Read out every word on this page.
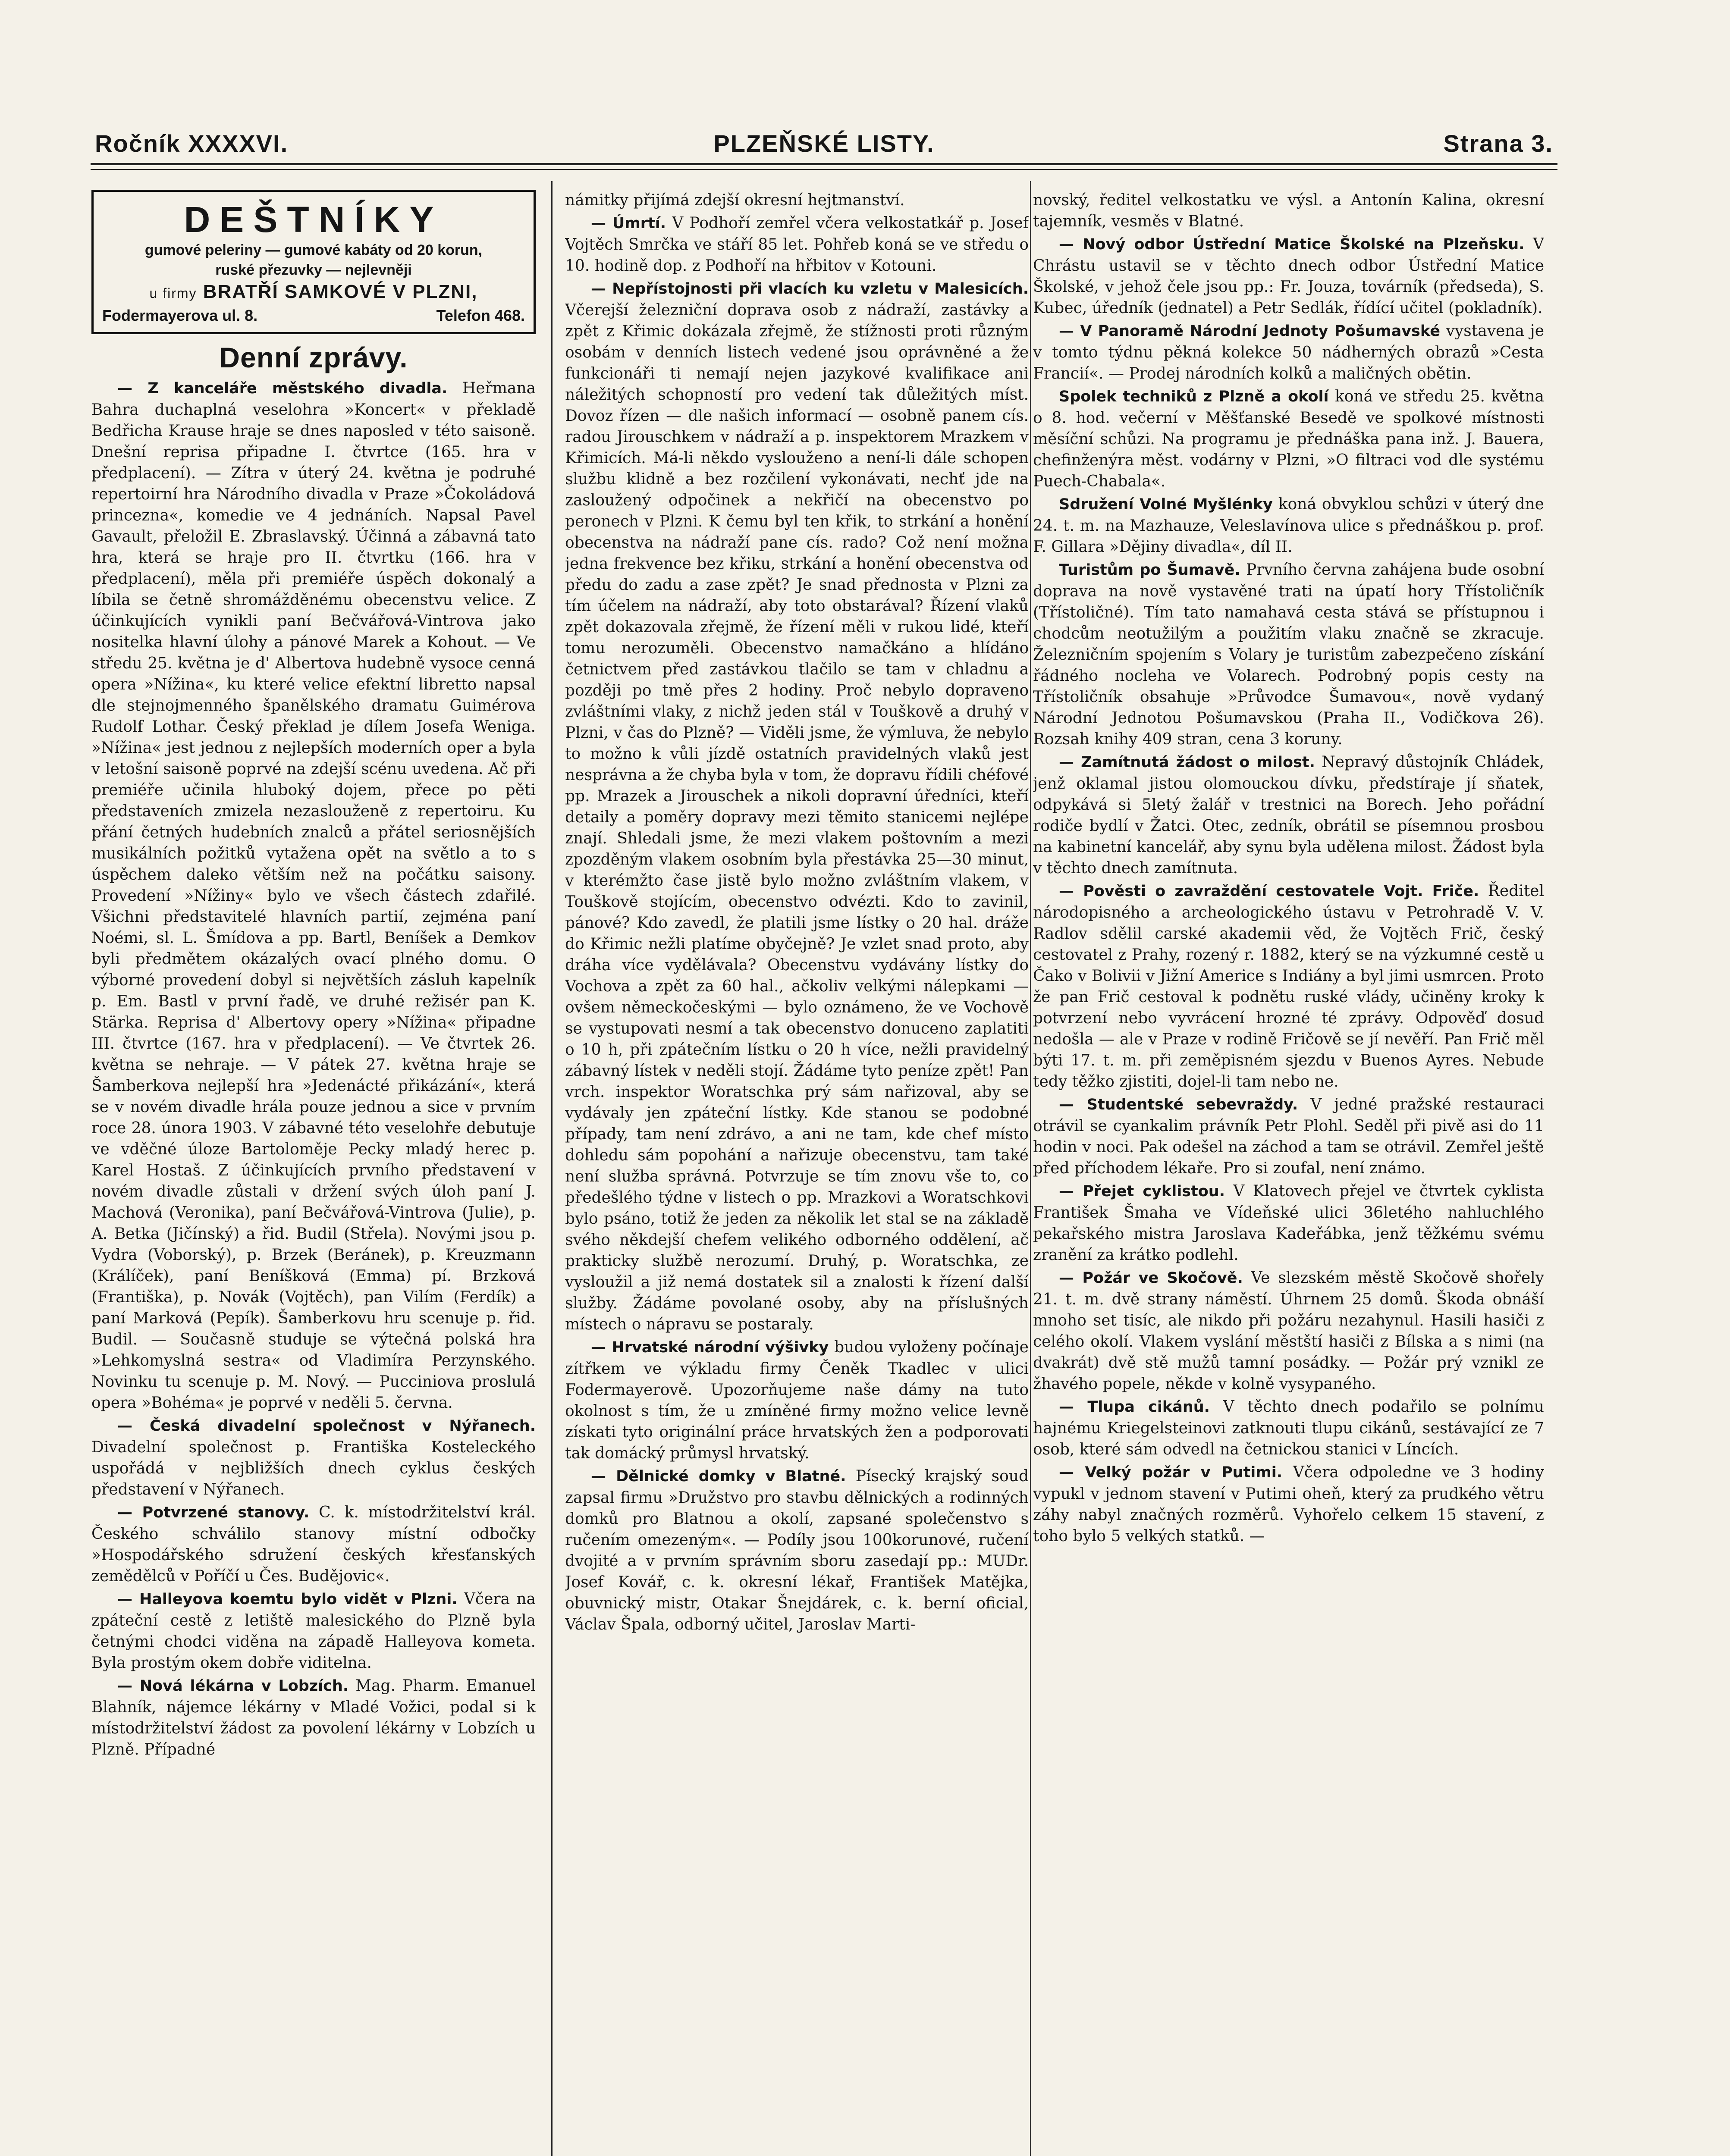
Ročník XXXXVI.	PLZEŇSKÉ LISTY.	Strana 3.
DEŠTNÍKY
gumové peleriny — gumové kabáty od 20 korun,
ruské přezuvky — nejlevněji
u firmy BRATŘÍ SAMKOVÉ V PLZNI,
Fodermayerova ul. 8.	Telefon 468.
Denní zprávy.

— Z kanceláře městského divadla. Heřmana Bahra duchaplná veselohra »Koncert« v překladě Bedřicha Krause hraje se dnes naposled v této saisoně. Dnešní reprisa připadne I. čtvrtce (165. hra v předplacení). — Zítra v úterý 24. května je podruhé repertoirní hra Národního divadla v Praze »Čokoládová princezna«, komedie ve 4 jednáních. Napsal Pavel Gavault, přeložil E. Zbraslavský. Účinná a zábavná tato hra, která se hraje pro II. čtvrtku (166. hra v předplacení), měla při premiéře úspěch dokonalý a líbila se četně shromážděnému obecenstvu velice. Z účinkujících vynikli paní Bečvářová-Vintrova jako nositelka hlavní úlohy a pánové Marek a Kohout. — Ve středu 25. května je d' Albertova hudebně vysoce cenná opera »Nížina«, ku které velice efektní libretto napsal dle stejnojmenného španělského dramatu Guimérova Rudolf Lothar. Český překlad je dílem Josefa Weniga. »Nížina« jest jednou z nejlepších moderních oper a byla v letošní saisoně poprvé na zdejší scénu uvedena. Ač při premiéře učinila hluboký dojem, přece po pěti představeních zmizela nezaslouženě z repertoiru. Ku přání četných hudebních znalců a přátel seriosnějších musikálních požitků vytažena opět na světlo a to s úspěchem daleko větším než na počátku saisony. Provedení »Nížiny« bylo ve všech částech zdařilé. Všichni představitelé hlavních partií, zejména paní Noémi, sl. L. Šmídova a pp. Bartl, Beníšek a Demkov byli předmětem okázalých ovací plného domu. O výborné provedení dobyl si největších zásluh kapelník p. Em. Bastl v první řadě, ve druhé režisér pan K. Stärka. Reprisa d' Albertovy opery »Nížina« připadne III. čtvrtce (167. hra v předplacení). — Ve čtvrtek 26. května se nehraje. — V pátek 27. května hraje se Šamberkova nejlepší hra »Jedenácté přikázání«, která se v novém divadle hrála pouze jednou a sice v prvním roce 28. února 1903. V zábavné této veselohře debutuje ve vděčné úloze Bartoloměje Pecky mladý herec p. Karel Hostaš. Z účinkujících prvního představení v novém divadle zůstali v držení svých úloh paní J. Machová (Veronika), paní Bečvářová-Vintrova (Julie), p. A. Betka (Jičínský) a řid. Budil (Střela). Novými jsou p. Vydra (Voborský), p. Brzek (Beránek), p. Kreuzmann (Králíček), paní Beníšková (Emma) pí. Brzková (Františka), p. Novák (Vojtěch), pan Vilím (Ferdík) a paní Marková (Pepík). Šamberkovu hru scenuje p. řid. Budil. — Současně studuje se výtečná polská hra »Lehkomyslná sestra« od Vladimíra Perzynského. Novinku tu scenuje p. M. Nový. — Pucciniova proslulá opera »Bohéma« je poprvé v neděli 5. června.

— Česká divadelní společnost v Nýřanech. Divadelní společnost p. Františka Kosteleckého uspořádá v nejbližších dnech cyklus českých představení v Nýřanech.

— Potvrzené stanovy. C. k. místodržitelství král. Českého schválilo stanovy místní odbočky »Hospodářského sdružení českých křesťanských zemědělců v Poříčí u Čes. Budějovic«.

— Halleyova koemtu bylo vidět v Plzni. Včera na zpáteční cestě z letiště malesického do Plzně byla četnými chodci viděna na západě Halleyova kometa. Byla prostým okem dobře viditelna.

— Nová lékárna v Lobzích. Mag. Pharm. Emanuel Blahník, nájemce lékárny v Mladé Vožici, podal si k místodržitelství žádost za povolení lékárny v Lobzích u Plzně. Případné

námitky přijímá zdejší okresní hejtmanství.

— Úmrtí. V Podhoří zemřel včera velkostatkář p. Josef Vojtěch Smrčka ve stáří 85 let. Pohřeb koná se ve středu o 10. hodině dop. z Podhoří na hřbitov v Kotouni.

— Nepřístojnosti při vlacích ku vzletu v Malesicích. Včerejší železniční doprava osob z nádraží, zastávky a zpět z Křimic dokázala zřejmě, že stížnosti proti různým osobám v denních listech vedené jsou oprávněné a že funkcionáři ti nemají nejen jazykové kvalifikace ani náležitých schopností pro vedení tak důležitých míst. Dovoz řízen — dle našich informací — osobně panem cís. radou Jirouschkem v nádraží a p. inspektorem Mrazkem v Křimicích. Má-li někdo vyslouženo a není-li dále schopen službu klidně a bez rozčilení vykonávati, nechť jde na zasloužený odpočinek a nekřičí na obecenstvo po peronech v Plzni. K čemu byl ten křik, to strkání a honění obecenstva na nádraží pane cís. rado? Což není možna jedna frekvence bez křiku, strkání a honění obecenstva od předu do zadu a zase zpět? Je snad přednosta v Plzni za tím účelem na nádraží, aby toto obstarával? Řízení vlaků zpět dokazovala zřejmě, že řízení měli v rukou lidé, kteří tomu nerozuměli. Obecenstvo namačkáno a hlídáno četnictvem před zastávkou tlačilo se tam v chladnu a později po tmě přes 2 hodiny. Proč nebylo dopraveno zvláštními vlaky, z nichž jeden stál v Touškově a druhý v Plzni, v čas do Plzně? — Viděli jsme, že výmluva, že nebylo to možno k vůli jízdě ostatních pravidelných vlaků jest nesprávna a že chyba byla v tom, že dopravu řídili chéfové pp. Mrazek a Jirouschek a nikoli dopravní úředníci, kteří detaily a poměry dopravy mezi těmito stanicemi nejlépe znají. Shledali jsme, že mezi vlakem poštovním a mezi zpozděným vlakem osobním byla přestávka 25—30 minut, v kterémžto čase jistě bylo možno zvláštním vlakem, v Touškově stojícím, obecenstvo odvézti. Kdo to zavinil, pánové? Kdo zavedl, že platili jsme lístky o 20 hal. dráže do Křimic nežli platíme obyčejně? Je vzlet snad proto, aby dráha více vydělávala? Obecenstvu vydávány lístky do Vochova a zpět za 60 hal., ačkoliv velkými nálepkami — ovšem německočeskými — bylo oznámeno, že ve Vochově se vystupovati nesmí a tak obecenstvo donuceno zaplatiti o 10 h, při zpátečním lístku o 20 h více, nežli pravidelný zábavný lístek v neděli stojí. Žádáme tyto peníze zpět! Pan vrch. inspektor Woratschka prý sám nařizoval, aby se vydávaly jen zpáteční lístky. Kde stanou se podobné případy, tam není zdrávo, a ani ne tam, kde chef místo dohledu sám popohání a nařizuje obecenstvu, tam také není služba správná. Potvrzuje se tím znovu vše to, co předešlého týdne v listech o pp. Mrazkovi a Woratschkovi bylo psáno, totiž že jeden za několik let stal se na základě svého někdejší chefem velikého odborného oddělení, ač prakticky službě nerozumí. Druhý, p. Woratschka, ze vysloužil a již nemá dostatek sil a znalosti k řízení další služby. Žádáme povolané osoby, aby na příslušných místech o nápravu se postaraly.

— Hrvatské národní výšivky budou vyloženy počínaje zítřkem ve výkladu firmy Čeněk Tkadlec v ulici Fodermayerově. Upozorňujeme naše dámy na tuto okolnost s tím, že u zmíněné firmy možno velice levně získati tyto originální práce hrvatských žen a podporovati tak domácký průmysl hrvatský.

— Dělnické domky v Blatné. Písecký krajský soud zapsal firmu »Družstvo pro stavbu dělnických a rodinných domků pro Blatnou a okolí, zapsané společenstvo s ručením omezeným«. — Podíly jsou 100korunové, ručení dvojité a v prvním správním sboru zasedají pp.: MUDr. Josef Kovář, c. k. okresní lékař, František Matějka, obuvnický mistr, Otakar Šnejdárek, c. k. berní oficial, Václav Špala, odborný učitel, Jaroslav Marti-

novský, ředitel velkostatku ve výsl. a Antonín Kalina, okresní tajemník, vesměs v Blatné.

— Nový odbor Ústřední Matice Školské na Plzeňsku. V Chrástu ustavil se v těchto dnech odbor Ústřední Matice Školské, v jehož čele jsou pp.: Fr. Jouza, továrník (předseda), S. Kubec, úředník (jednatel) a Petr Sedlák, řídící učitel (pokladník).

— V Panoramě Národní Jednoty Pošumavské vystavena je v tomto týdnu pěkná kolekce 50 nádherných obrazů »Cesta Francií«. — Prodej národních kolků a maličných obětin.

Spolek techniků z Plzně a okolí koná ve středu 25. května o 8. hod. večerní v Měšťanské Besedě ve spolkové místnosti měsíční schůzi. Na programu je přednáška pana inž. J. Bauera, chefinženýra měst. vodárny v Plzni, »O filtraci vod dle systému Puech-Chabala«.

Sdružení Volné Myšlénky koná obvyklou schůzi v úterý dne 24. t. m. na Mazhauze, Veleslavínova ulice s přednáškou p. prof. F. Gillara »Dějiny divadla«, díl II.

Turistům po Šumavě. Prvního června zahájena bude osobní doprava na nově vystavěné trati na úpatí hory Třístoličník (Třístoličné). Tím tato namahavá cesta stává se přístupnou i chodcům neotužilým a použitím vlaku značně se zkracuje. Železničním spojením s Volary je turistům zabezpečeno získání řádného nocleha ve Volarech. Podrobný popis cesty na Třístoličník obsahuje »Průvodce Šumavou«, nově vydaný Národní Jednotou Pošumavskou (Praha II., Vodičkova 26). Rozsah knihy 409 stran, cena 3 koruny.

— Zamítnutá žádost o milost. Nepravý důstojník Chládek, jenž oklamal jistou olomouckou dívku, předstíraje jí sňatek, odpykává si 5letý žalář v trestnici na Borech. Jeho pořádní rodiče bydlí v Žatci. Otec, zedník, obrátil se písemnou prosbou na kabinetní kancelář, aby synu byla udělena milost. Žádost byla v těchto dnech zamítnuta.

— Pověsti o zavraždění cestovatele Vojt. Friče. Ředitel národopisného a archeologického ústavu v Petrohradě V. V. Radlov sdělil carské akademii věd, že Vojtěch Frič, český cestovatel z Prahy, rozený r. 1882, který se na výzkumné cestě u Čako v Bolivii v Jižní Americe s Indiány a byl jimi usmrcen. Proto že pan Frič cestoval k podnětu ruské vlády, učiněny kroky k potvrzení nebo vyvrácení hrozné té zprávy. Odpověď dosud nedošla — ale v Praze v rodině Fričově se jí nevěří. Pan Frič měl býti 17. t. m. při zeměpisném sjezdu v Buenos Ayres. Nebude tedy těžko zjistiti, dojel-li tam nebo ne.

— Studentské sebevraždy. V jedné pražské restauraci otrávil se cyankalim právník Petr Plohl. Seděl při pivě asi do 11 hodin v noci. Pak odešel na záchod a tam se otrávil. Zemřel ještě před příchodem lékaře. Pro si zoufal, není známo.

— Přejet cyklistou. V Klatovech přejel ve čtvrtek cyklista František Šmaha ve Vídeňské ulici 36letého nahluchlého pekařského mistra Jaroslava Kadeřábka, jenž těžkému svému zranění za krátko podlehl.

— Požár ve Skočově. Ve slezském městě Skočově shořely 21. t. m. dvě strany náměstí. Úhrnem 25 domů. Škoda obnáší mnoho set tisíc, ale nikdo při požáru nezahynul. Hasili hasiči z celého okolí. Vlakem vyslání městští hasiči z Bílska a s nimi (na dvakrát) dvě stě mužů tamní posádky. — Požár prý vznikl ze žhavého popele, někde v kolně vysypaného.

— Tlupa cikánů. V těchto dnech podařilo se polnímu hajnému Kriegelsteinovi zatknouti tlupu cikánů, sestávající ze 7 osob, které sám odvedl na četnickou stanici v Líncích.

— Velký požár v Putimi. Včera odpoledne ve 3 hodiny vypukl v jednom stavení v Putimi oheň, který za prudkého větru záhy nabyl značných rozměrů. Vyhořelo celkem 15 stavení, z toho bylo 5 velkých statků. —
